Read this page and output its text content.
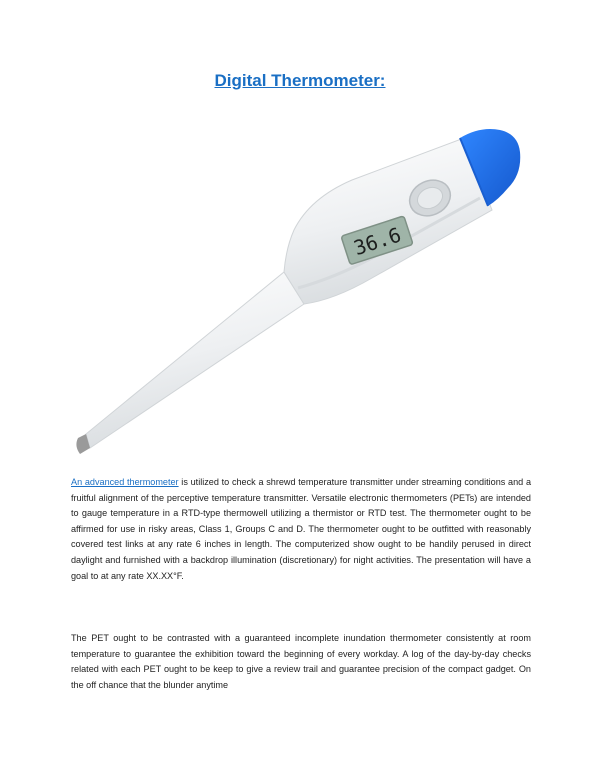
Digital Thermometer:
36.6

An advanced thermometer is utilized to check a shrewd temperature transmitter under streaming conditions and a fruitful alignment of the perceptive temperature transmitter. Versatile electronic thermometers (PETs) are intended to gauge temperature in a RTD-type thermowell utilizing a thermistor or RTD test. The thermometer ought to be affirmed for use in risky areas, Class 1, Groups C and D. The thermometer ought to be outfitted with reasonably covered test links at any rate 6 inches in length. The computerized show ought to be handily perused in direct daylight and furnished with a backdrop illumination (discretionary) for night activities. The presentation will have a goal to at any rate XX.XX°F.

The PET ought to be contrasted with a guaranteed incomplete inundation thermometer consistently at room temperature to guarantee the exhibition toward the beginning of every workday. A log of the day-by-day checks related with each PET ought to be keep to give a review trail and guarantee precision of the compact gadget. On the off chance that the blunder anytime
